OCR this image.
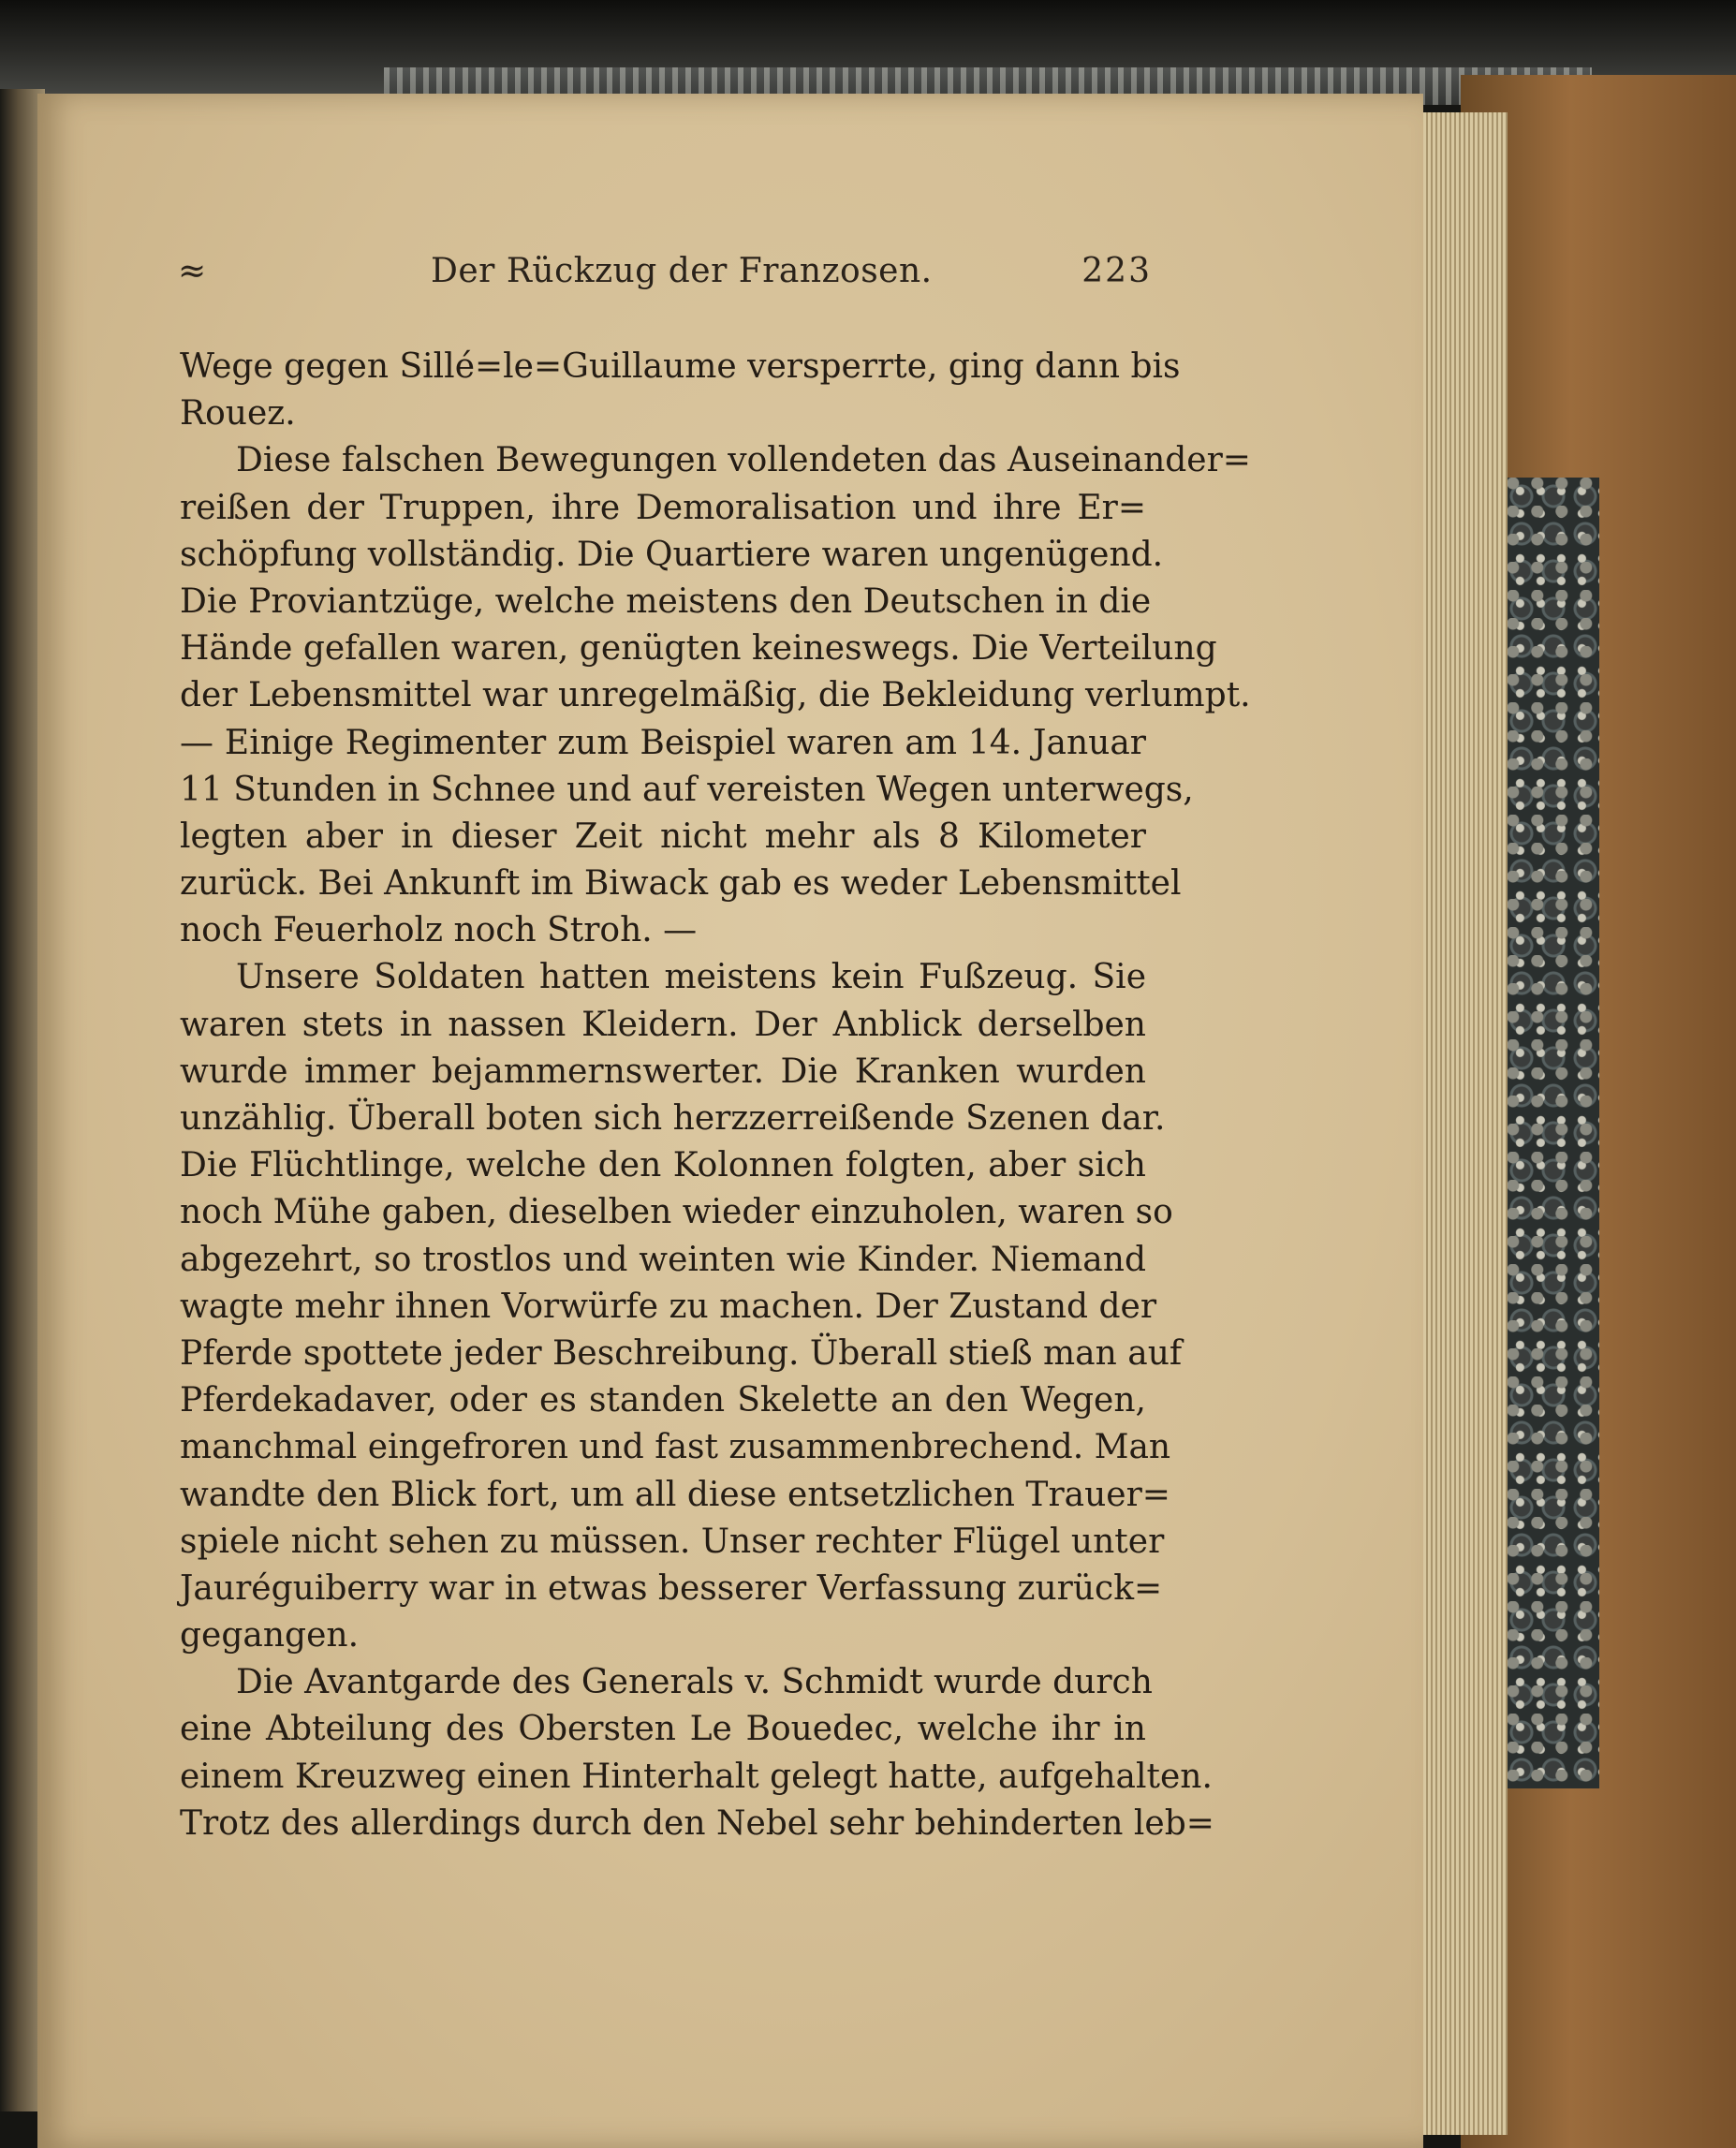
≈	Der Rückzug der Franzosen.	223
Wege gegen Sillé=le=Guillaume versperrte, ging dann bis
Rouez.
Diese falschen Bewegungen vollendeten das Auseinander=
reißen der Truppen, ihre Demoralisation und ihre Er=
schöpfung vollständig. Die Quartiere waren ungenügend.
Die Proviantzüge, welche meistens den Deutschen in die
Hände gefallen waren, genügten keineswegs. Die Verteilung
der Lebensmittel war unregelmäßig, die Bekleidung verlumpt.
— Einige Regimenter zum Beispiel waren am 14. Januar
11 Stunden in Schnee und auf vereisten Wegen unterwegs,
legten aber in dieser Zeit nicht mehr als 8 Kilometer
zurück. Bei Ankunft im Biwack gab es weder Lebensmittel
noch Feuerholz noch Stroh. —
Unsere Soldaten hatten meistens kein Fußzeug. Sie
waren stets in nassen Kleidern. Der Anblick derselben
wurde immer bejammernswerter. Die Kranken wurden
unzählig. Überall boten sich herzzerreißende Szenen dar.
Die Flüchtlinge, welche den Kolonnen folgten, aber sich
noch Mühe gaben, dieselben wieder einzuholen, waren so
abgezehrt, so trostlos und weinten wie Kinder. Niemand
wagte mehr ihnen Vorwürfe zu machen. Der Zustand der
Pferde spottete jeder Beschreibung. Überall stieß man auf
Pferdekadaver, oder es standen Skelette an den Wegen,
manchmal eingefroren und fast zusammenbrechend. Man
wandte den Blick fort, um all diese entsetzlichen Trauer=
spiele nicht sehen zu müssen. Unser rechter Flügel unter
Jauréguiberry war in etwas besserer Verfassung zurück=
gegangen.
Die Avantgarde des Generals v. Schmidt wurde durch
eine Abteilung des Obersten Le Bouedec, welche ihr in
einem Kreuzweg einen Hinterhalt gelegt hatte, aufgehalten.
Trotz des allerdings durch den Nebel sehr behinderten leb=
